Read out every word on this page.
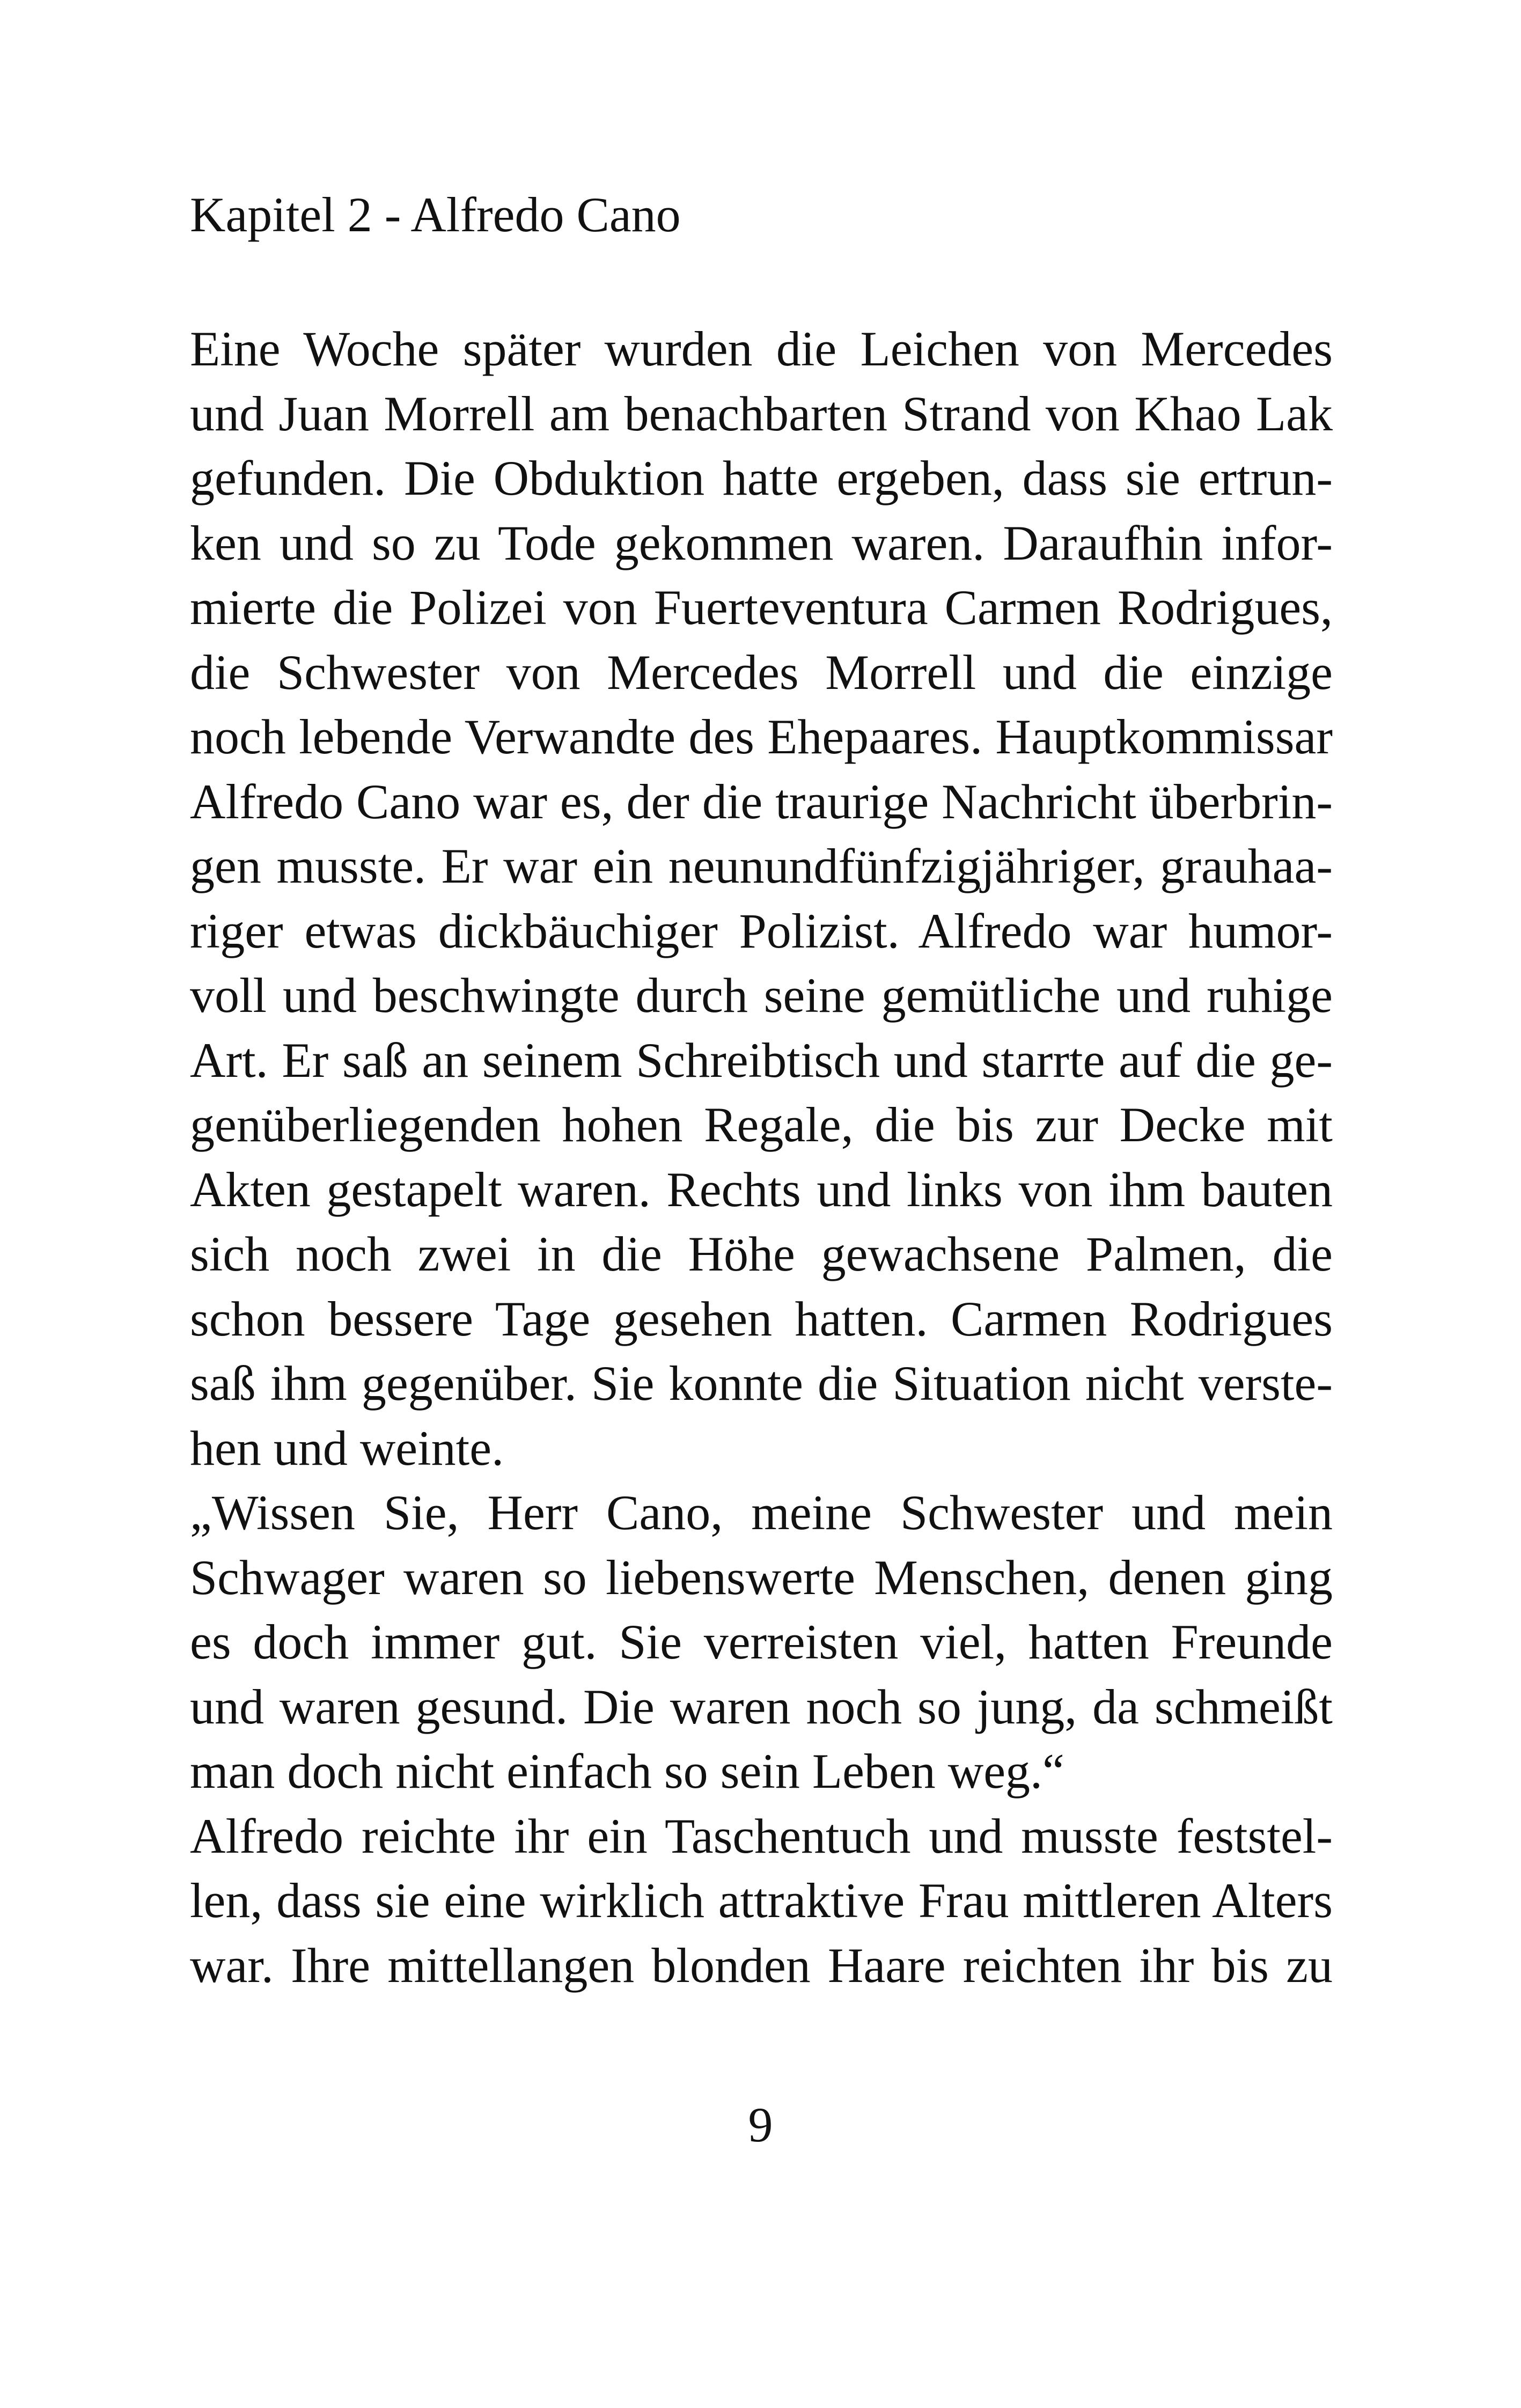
Kapitel 2 - Alfredo Cano
Eine Woche später wurden die Leichen von Mercedes
und Juan Morrell am benachbarten Strand von Khao Lak
gefunden. Die Obduktion hatte ergeben, dass sie ertrun-
ken und so zu Tode gekommen waren. Daraufhin infor-
mierte die Polizei von Fuerteventura Carmen Rodrigues,
die Schwester von Mercedes Morrell und die einzige
noch lebende Verwandte des Ehepaares. Hauptkommissar
Alfredo Cano war es, der die traurige Nachricht überbrin-
gen musste. Er war ein neunundfünfzigjähriger, grauhaa-
riger etwas dickbäuchiger Polizist. Alfredo war humor-
voll und beschwingte durch seine gemütliche und ruhige
Art. Er saß an seinem Schreibtisch und starrte auf die ge-
genüberliegenden hohen Regale, die bis zur Decke mit
Akten gestapelt waren. Rechts und links von ihm bauten
sich noch zwei in die Höhe gewachsene Palmen, die
schon bessere Tage gesehen hatten. Carmen Rodrigues
saß ihm gegenüber. Sie konnte die Situation nicht verste-
hen und weinte.
„Wissen Sie, Herr Cano, meine Schwester und mein
Schwager waren so liebenswerte Menschen, denen ging
es doch immer gut. Sie verreisten viel, hatten Freunde
und waren gesund. Die waren noch so jung, da schmeißt
man doch nicht einfach so sein Leben weg.“
Alfredo reichte ihr ein Taschentuch und musste feststel-
len, dass sie eine wirklich attraktive Frau mittleren Alters
war. Ihre mittellangen blonden Haare reichten ihr bis zu
9
